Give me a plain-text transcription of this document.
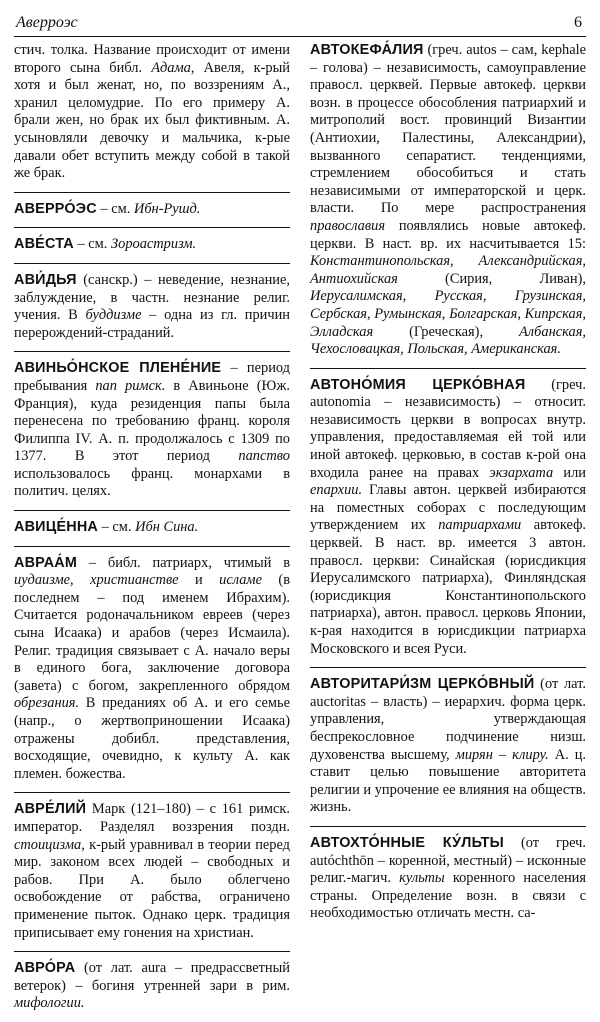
Аверроэс	6

стич. толка. Название происходит от имени второго сына библ. Адама, Авеля, к-рый хотя и был женат, но, по воззрениям А., хранил целомудрие. По его примеру А. брали жен, но брак их был фиктивным. А. усыновляли девочку и мальчика, к-рые давали обет вступить между собой в такой же брак.

АВЕРРО́ЭС – см. Ибн-Рушд.

АВЕ́СТА – см. Зороастризм.

АВИ́ДЬЯ (санскр.) – неведение, незнание, заблуждение, в частн. незнание религ. учения. В буддизме – одна из гл. причин перерождений-страданий.

АВИНЬО́НСКОЕ ПЛЕНЕ́НИЕ – период пребывания пап римск. в Авиньоне (Юж. Франция), куда резиденция папы была перенесена по требованию франц. короля Филиппа IV. А. п. продолжалось с 1309 по 1377. В этот период папство использовалось франц. монархами в политич. целях.

АВИЦЕ́ННА – см. Ибн Сина.

АВРАА́М – библ. патриарх, чтимый в иудаизме, христианстве и исламе (в последнем – под именем Ибрахим). Считается родоначальником евреев (через сына Исаака) и арабов (через Исмаила). Религ. традиция связывает с А. начало веры в единого бога, заключение договора (завета) с богом, закрепленного обрядом обрезания. В преданиях об А. и его семье (напр., о жертвоприношении Исаака) отражены добибл. представления, восходящие, очевидно, к культу А. как племен. божества.

АВРЕ́ЛИЙ Марк (121–180) – с 161 римск. император. Разделял воззрения поздн. стоицизма, к-рый уравнивал в теории перед мир. законом всех людей – свободных и рабов. При А. было облегчено освобождение от рабства, ограничено применение пыток. Однако церк. традиция приписывает ему гонения на христиан.

АВРО́РА (от лат. aura – предрассветный ветерок) – богиня утренней зари в рим. мифологии.

АВТОКЕФА́ЛИЯ (греч. autos – сам, kephale – голова) – независимость, самоуправление правосл. церквей. Первые автокеф. церкви возн. в процессе обособления патриархий и митрополий вост. провинций Византии (Антиохии, Палестины, Александрии), вызванного сепаратист. тенденциями, стремлением обособиться и стать независимыми от императорской и церк. власти. По мере распространения православия появлялись новые автокеф. церкви. В наст. вр. их насчитывается 15: Константинопольская, Александрийская, Антиохийская (Сирия, Ливан), Иерусалимская, Русская, Грузинская, Сербская, Румынская, Болгарская, Кипрская, Элладская (Греческая), Албанская, Чехословацкая, Польская, Американская.

АВТОНО́МИЯ ЦЕРКО́ВНАЯ (греч. autonomia – независимость) – относит. независимость церкви в вопросах внутр. управления, предоставляемая ей той или иной автокеф. церковью, в состав к-рой она входила ранее на правах экзархата или епархии. Главы автон. церквей избираются на поместных соборах с последующим утверждением их патриархами автокеф. церквей. В наст. вр. имеется 3 автон. правосл. церкви: Синайская (юрисдикция Иерусалимского патриарха), Финляндская (юрисдикция Константинопольского патриарха), автон. правосл. церковь Японии, к-рая находится в юрисдикции патриарха Московского и всея Руси.

АВТОРИТАРИ́ЗМ ЦЕРКО́ВНЫЙ (от лат. auctoritas – власть) – иерархич. форма церк. управления, утверждающая беспрекословное подчинение низш. духовенства высшему, мирян – клиру. А. ц. ставит целью повышение авторитета религии и упрочение ее влияния на обществ. жизнь.

АВТОХТО́ННЫЕ КУ́ЛЬТЫ (от греч. autóchthōn – коренной, местный) – исконные религ.-магич. культы коренного населения страны. Определение возн. в связи с необходимостью отличать местн. са-
